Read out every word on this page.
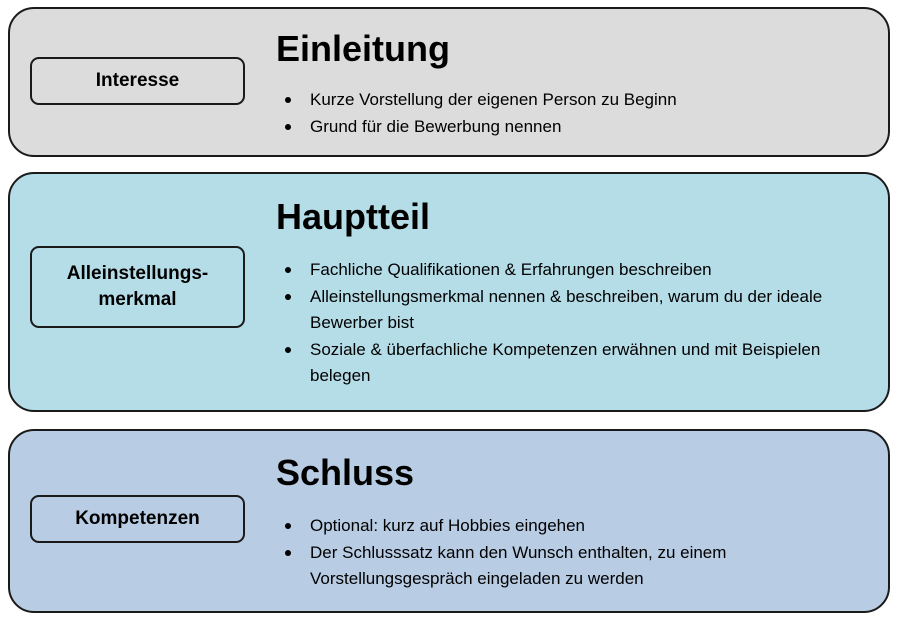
Interesse
Einleitung
Kurze Vorstellung der eigenen Person zu Beginn
Grund für die Bewerbung nennen
Alleinstellungs-
merkmal
Hauptteil
Fachliche Qualifikationen & Erfahrungen beschreiben
Alleinstellungsmerkmal nennen & beschreiben, warum du der ideale Bewerber bist
Soziale & überfachliche Kompetenzen erwähnen und mit Beispielen belegen
Kompetenzen
Schluss
Optional: kurz auf Hobbies eingehen
Der Schlusssatz kann den Wunsch enthalten, zu einem Vorstellungsgespräch eingeladen zu werden
